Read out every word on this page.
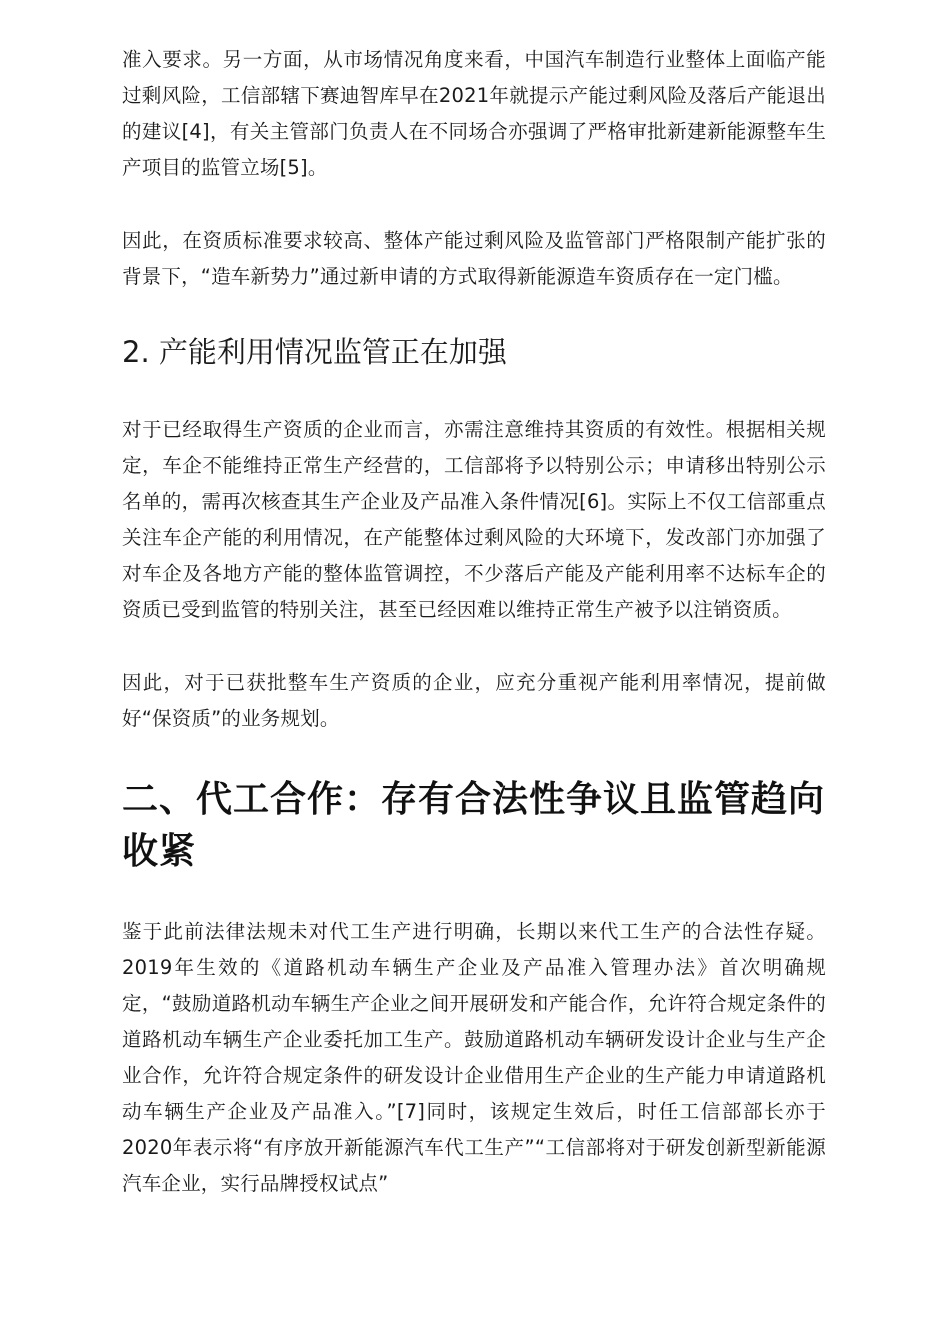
准入要求。另一方面，从市场情况角度来看，中国汽车制造行业整体上面临产能过剩风险，工信部辖下赛迪智库早在2021年就提示产能过剩风险及落后产能退出的建议[4]，有关主管部门负责人在不同场合亦强调了严格审批新建新能源整车生产项目的监管立场[5]。

因此，在资质标准要求较高、整体产能过剩风险及监管部门严格限制产能扩张的背景下，“造车新势力”通过新申请的方式取得新能源造车资质存在一定门槛。

2. 产能利用情况监管正在加强

对于已经取得生产资质的企业而言，亦需注意维持其资质的有效性。根据相关规定，车企不能维持正常生产经营的，工信部将予以特别公示；申请移出特别公示名单的，需再次核查其生产企业及产品准入条件情况[6]。实际上不仅工信部重点关注车企产能的利用情况，在产能整体过剩风险的大环境下，发改部门亦加强了对车企及各地方产能的整体监管调控，不少落后产能及产能利用率不达标车企的资质已受到监管的特别关注，甚至已经因难以维持正常生产被予以注销资质。

因此，对于已获批整车生产资质的企业，应充分重视产能利用率情况，提前做好“保资质”的业务规划。

二、代工合作：存有合法性争议且监管趋向收紧

鉴于此前法律法规未对代工生产进行明确，长期以来代工生产的合法性存疑。2019年生效的《道路机动车辆生产企业及产品准入管理办法》首次明确规定，“鼓励道路机动车辆生产企业之间开展研发和产能合作，允许符合规定条件的道路机动车辆生产企业委托加工生产。鼓励道路机动车辆研发设计企业与生产企业合作，允许符合规定条件的研发设计企业借用生产企业的生产能力申请道路机动车辆生产企业及产品准入。”[7]同时，该规定生效后，时任工信部部长亦于2020年表示将“有序放开新能源汽车代工生产”“工信部将对于研发创新型新能源汽车企业，实行品牌授权试点”
